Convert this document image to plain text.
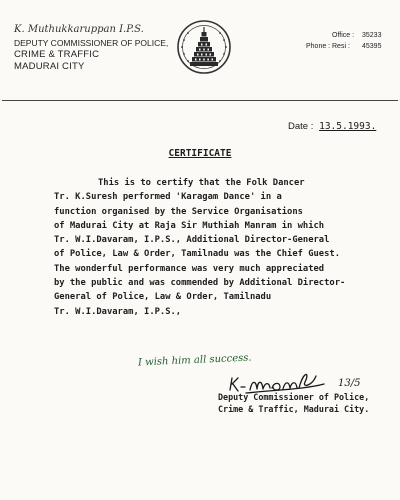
K. Muthukkaruppan I.P.S.
DEPUTY COMMISSIONER OF POLICE,
CRIME & TRAFFIC
MADURAI CITY
Office :	35233
Phone : Resi :	45395
Date : 13.5.1993.
CERTIFICATE
This is to certify that the Folk Dancer
Tr. K.Suresh performed 'Karagam Dance' in a
function organised by the Service Organisations
of Madurai City at Raja Sir Muthiah Manram in which
Tr. W.I.Davaram, I.P.S., Additional Director-General
of Police, Law & Order, Tamilnadu was the Chief Guest.
The wonderful performance was very much appreciated
by the public and was commended by Additional Director-
General of Police, Law & Order, Tamilnadu
Tr. W.I.Davaram, I.P.S.,
I wish him all success.
13/5
Deputy Commissioner of Police,
Crime & Traffic, Madurai City.
